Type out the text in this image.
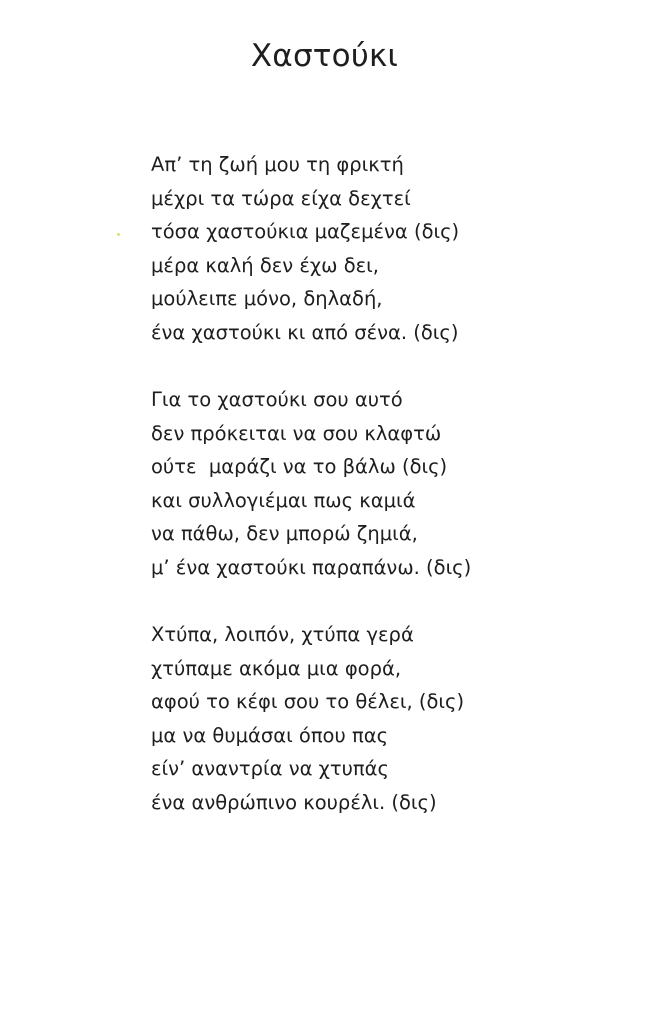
Χαστούκι
Απ’ τη ζωή μου τη φρικτή
μέχρι τα τώρα είχα δεχτεί
τόσα χαστούκια μαζεμένα (δις)
μέρα καλή δεν έχω δει,
μούλειπε μόνο, δηλαδή,
ένα χαστούκι κι από σένα. (δις)
Για το χαστούκι σου αυτό
δεν πρόκειται να σου κλαφτώ
ούτε  μαράζι να το βάλω (δις)
και συλλογιέμαι πως καμιά
να πάθω, δεν μπορώ ζημιά,
μ’ ένα χαστούκι παραπάνω. (δις)
Χτύπα, λοιπόν, χτύπα γερά
χτύπαμε ακόμα μια φορά,
αφού το κέφι σου το θέλει, (δις)
μα να θυμάσαι όπου πας
είν’ αναντρία να χτυπάς
ένα ανθρώπινο κουρέλι. (δις)
